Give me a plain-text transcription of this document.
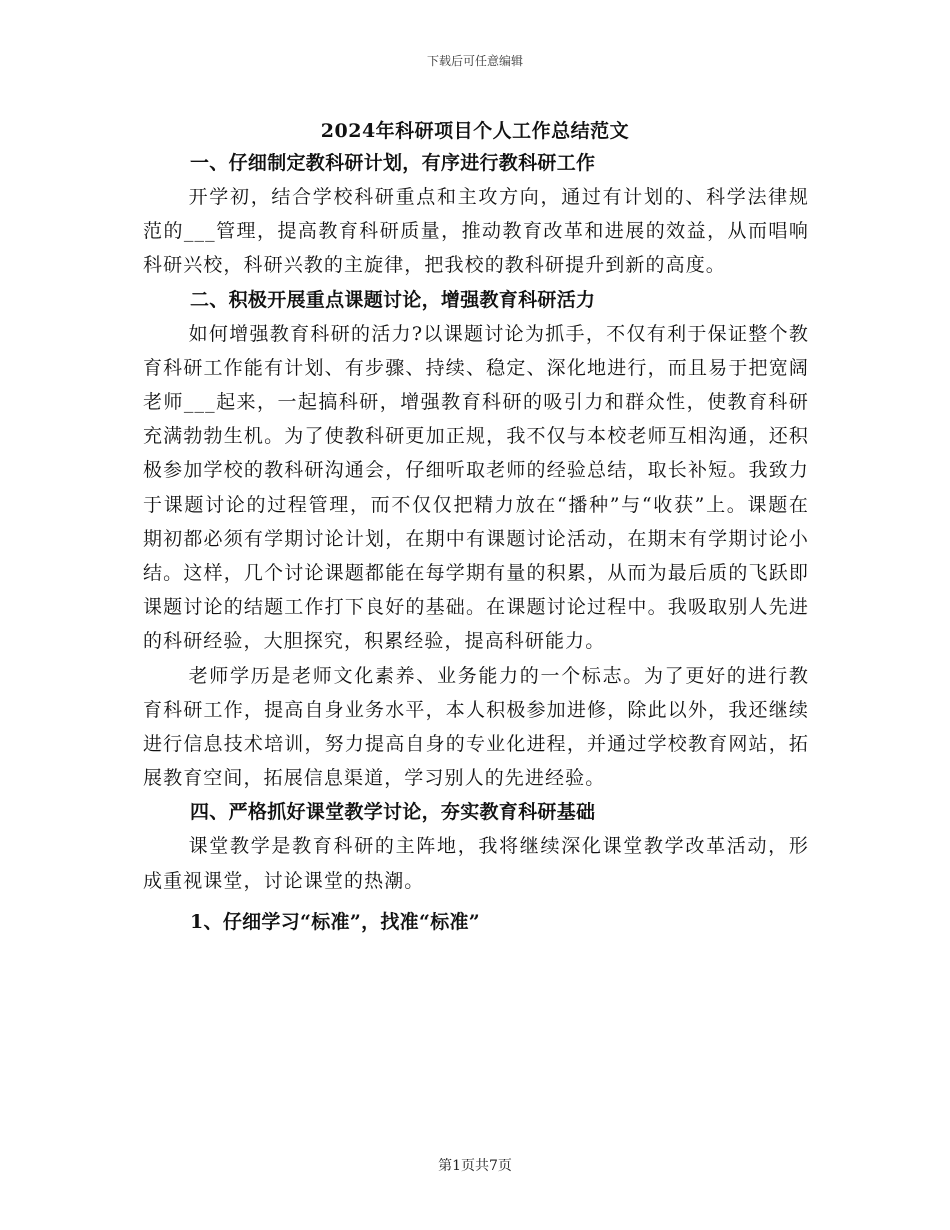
下载后可任意编辑
2024年科研项目个人工作总结范文

一、仔细制定教科研计划，有序进行教科研工作

开学初，结合学校科研重点和主攻方向，通过有计划的、科学法律规范的___管理，提高教育科研质量，推动教育改革和进展的效益，从而唱响科研兴校，科研兴教的主旋律，把我校的教科研提升到新的高度。

二、积极开展重点课题讨论，增强教育科研活力

如何增强教育科研的活力?以课题讨论为抓手，不仅有利于保证整个教育科研工作能有计划、有步骤、持续、稳定、深化地进行，而且易于把宽阔老师___起来，一起搞科研，增强教育科研的吸引力和群众性，使教育科研充满勃勃生机。为了使教科研更加正规，我不仅与本校老师互相沟通，还积极参加学校的教科研沟通会，仔细听取老师的经验总结，取长补短。我致力于课题讨论的过程管理，而不仅仅把精力放在“播种”与“收获”上。课题在期初都必须有学期讨论计划，在期中有课题讨论活动，在期末有学期讨论小结。这样，几个讨论课题都能在每学期有量的积累，从而为最后质的飞跃即课题讨论的结题工作打下良好的基础。在课题讨论过程中。我吸取别人先进的科研经验，大胆探究，积累经验，提高科研能力。

老师学历是老师文化素养、业务能力的一个标志。为了更好的进行教育科研工作，提高自身业务水平，本人积极参加进修，除此以外，我还继续进行信息技术培训，努力提高自身的专业化进程，并通过学校教育网站，拓展教育空间，拓展信息渠道，学习别人的先进经验。

四、严格抓好课堂教学讨论，夯实教育科研基础

课堂教学是教育科研的主阵地，我将继续深化课堂教学改革活动，形成重视课堂，讨论课堂的热潮。

1、仔细学习“标准”，找准“标准”

第1页共7页
